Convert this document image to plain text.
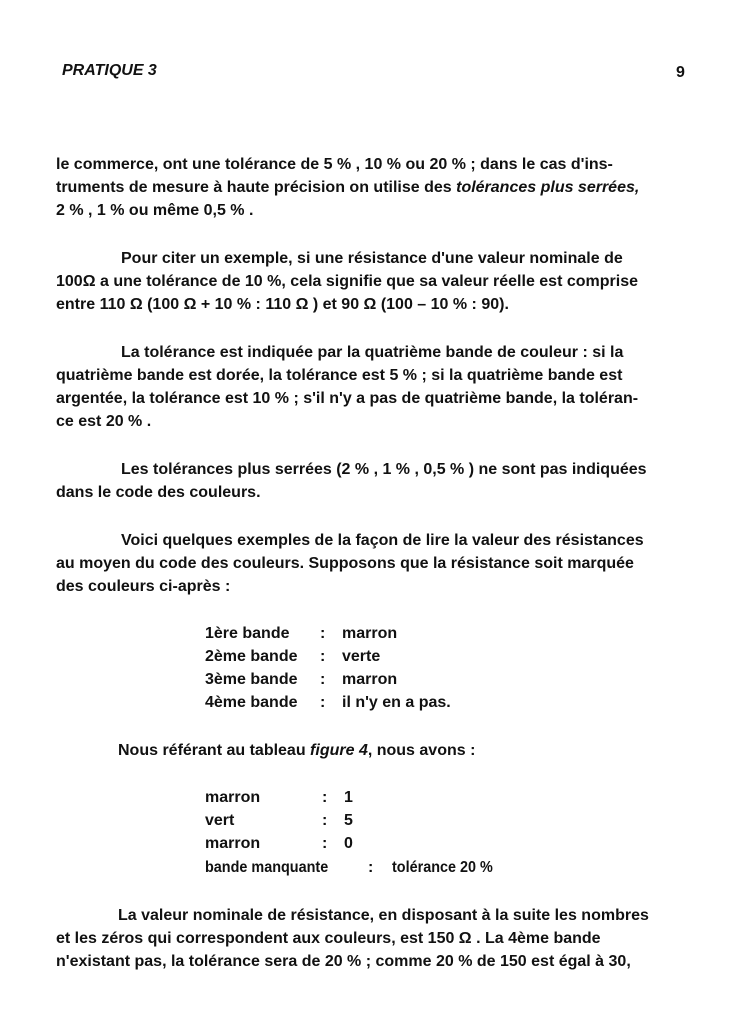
PRATIQUE 3	9
le commerce, ont une tolérance de 5 % , 10 % ou 20 % ; dans le cas d'ins-
truments de mesure à haute précision on utilise des tolérances plus serrées,
2 % , 1 % ou même 0,5 % .
Pour citer un exemple, si une résistance d'une valeur nominale de
100Ω a une tolérance de 10 %, cela signifie que sa valeur réelle est comprise
entre 110 Ω (100 Ω + 10 % : 110 Ω ) et 90 Ω (100 – 10 % : 90).
La tolérance est indiquée par la quatrième bande de couleur : si la
quatrième bande est dorée, la tolérance est 5 % ; si la quatrième bande est
argentée, la tolérance est 10 % ; s'il n'y a pas de quatrième bande, la toléran-
ce est 20 % .
Les tolérances plus serrées (2 % , 1 % , 0,5 % ) ne sont pas indiquées
dans le code des couleurs.
Voici quelques exemples de la façon de lire la valeur des résistances
au moyen du code des couleurs. Supposons que la résistance soit marquée
des couleurs ci-après :
1ère bande : marron
2ème bande : verte
3ème bande : marron
4ème bande : il n'y en a pas.
Nous référant au tableau figure 4, nous avons :
marron	: 1
vert	: 5
marron	: 0
bande manquante : tolérance 20 %
La valeur nominale de résistance, en disposant à la suite les nombres
et les zéros qui correspondent aux couleurs, est 150 Ω . La 4ème bande
n'existant pas, la tolérance sera de 20 % ; comme 20 % de 150 est égal à 30,
